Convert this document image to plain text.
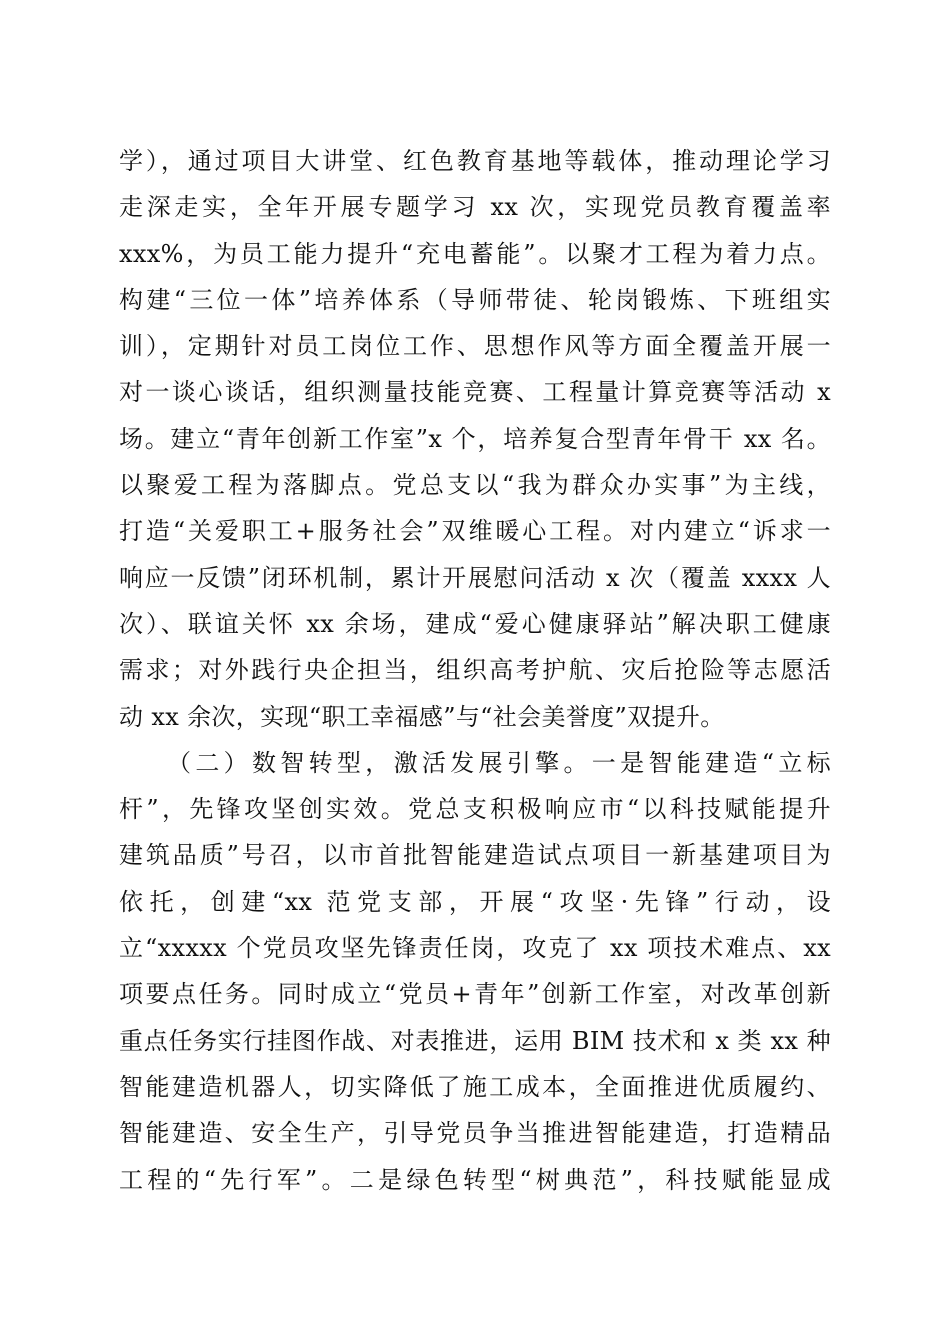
学），通过项目大讲堂、红色教育基地等载体，推动理论学习
走深走实，全年开展专题学习 xx 次，实现党员教育覆盖率
xxx%，为员工能力提升“充电蓄能”。以聚才工程为着力点。
构建“三位一体”培养体系（导师带徒、轮岗锻炼、下班组实
训），定期针对员工岗位工作、思想作风等方面全覆盖开展一
对一谈心谈话，组织测量技能竞赛、工程量计算竞赛等活动 x
场。建立“青年创新工作室”x 个，培养复合型青年骨干 xx 名。
以聚爱工程为落脚点。党总支以“我为群众办实事”为主线，
打造“关爱职工+服务社会”双维暖心工程。对内建立“诉求一
响应一反馈”闭环机制，累计开展慰问活动 x 次（覆盖 xxxx 人
次）、联谊关怀 xx 余场，建成“爱心健康驿站”解决职工健康
需求；对外践行央企担当，组织高考护航、灾后抢险等志愿活
动 xx 余次，实现“职工幸福感”与“社会美誉度”双提升。
（二）数智转型，激活发展引擎。一是智能建造“立标
杆”，先锋攻坚创实效。党总支积极响应市“以科技赋能提升
建筑品质”号召，以市首批智能建造试点项目一新基建项目为
依托，创建“xx 范党支部，开展“攻坚·先锋”行动，设
立“xxxxx 个党员攻坚先锋责任岗，攻克了 xx 项技术难点、xx
项要点任务。同时成立“党员+青年”创新工作室，对改革创新
重点任务实行挂图作战、对表推进，运用 BIM 技术和 x 类 xx 种
智能建造机器人，切实降低了施工成本，全面推进优质履约、
智能建造、安全生产，引导党员争当推进智能建造，打造精品
工程的“先行军”。二是绿色转型“树典范”，科技赋能显成
